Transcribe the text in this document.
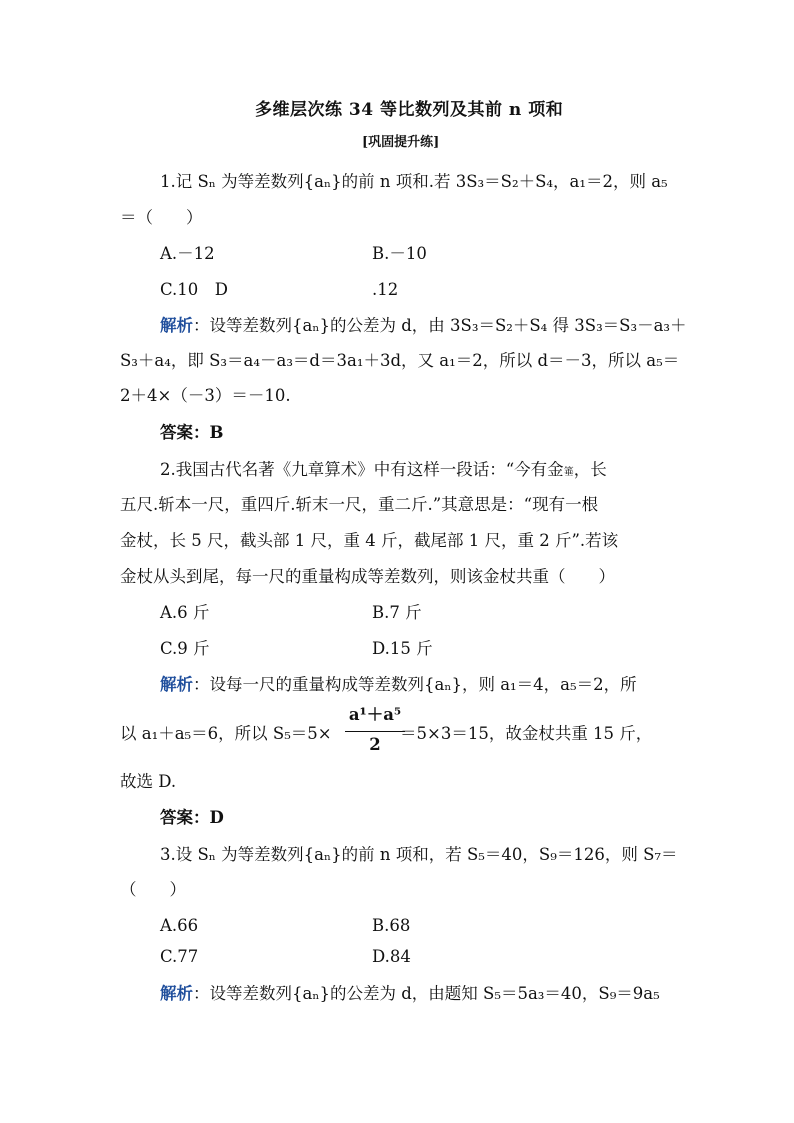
多维层次练 34 等比数列及其前 n 项和
[巩固提升练]
1.记 Sₙ 为等差数列{aₙ}的前 n 项和.若 3S₃＝S₂＋S₄，a₁＝2，则 a₅
＝（　　）
A.－12	B.－10
C.10　D	.12
解析：设等差数列{aₙ}的公差为 d，由 3S₃＝S₂＋S₄ 得 3S₃＝S₃－a₃＋
S₃＋a₄，即 S₃＝a₄－a₃＝d＝3a₁＋3d，又 a₁＝2，所以 d＝－3，所以 a₅＝
2＋4×（－3）＝－10.
答案：B
2.我国古代名著《九章算术》中有这样一段话：“今有金箠，长
五尺.斩本一尺，重四斤.斩末一尺，重二斤.”其意思是：“现有一根
金杖，长 5 尺，截头部 1 尺，重 4 斤，截尾部 1 尺，重 2 斤”.若该
金杖从头到尾，每一尺的重量构成等差数列，则该金杖共重（　　）
A.6 斤	B.7 斤
C.9 斤	D.15 斤
解析：设每一尺的重量构成等差数列{aₙ}，则 a₁＝4，a₅＝2，所
以 a₁＋a₅＝6，所以 S₅＝5×
a¹＋a⁵
2
＝5×3＝15，故金杖共重 15 斤，
故选 D.
答案：D
3.设 Sₙ 为等差数列{aₙ}的前 n 项和，若 S₅＝40，S₉＝126，则 S₇＝
（　　）
A.66	B.68
C.77	D.84
解析：设等差数列{aₙ}的公差为 d，由题知 S₅＝5a₃＝40，S₉＝9a₅
